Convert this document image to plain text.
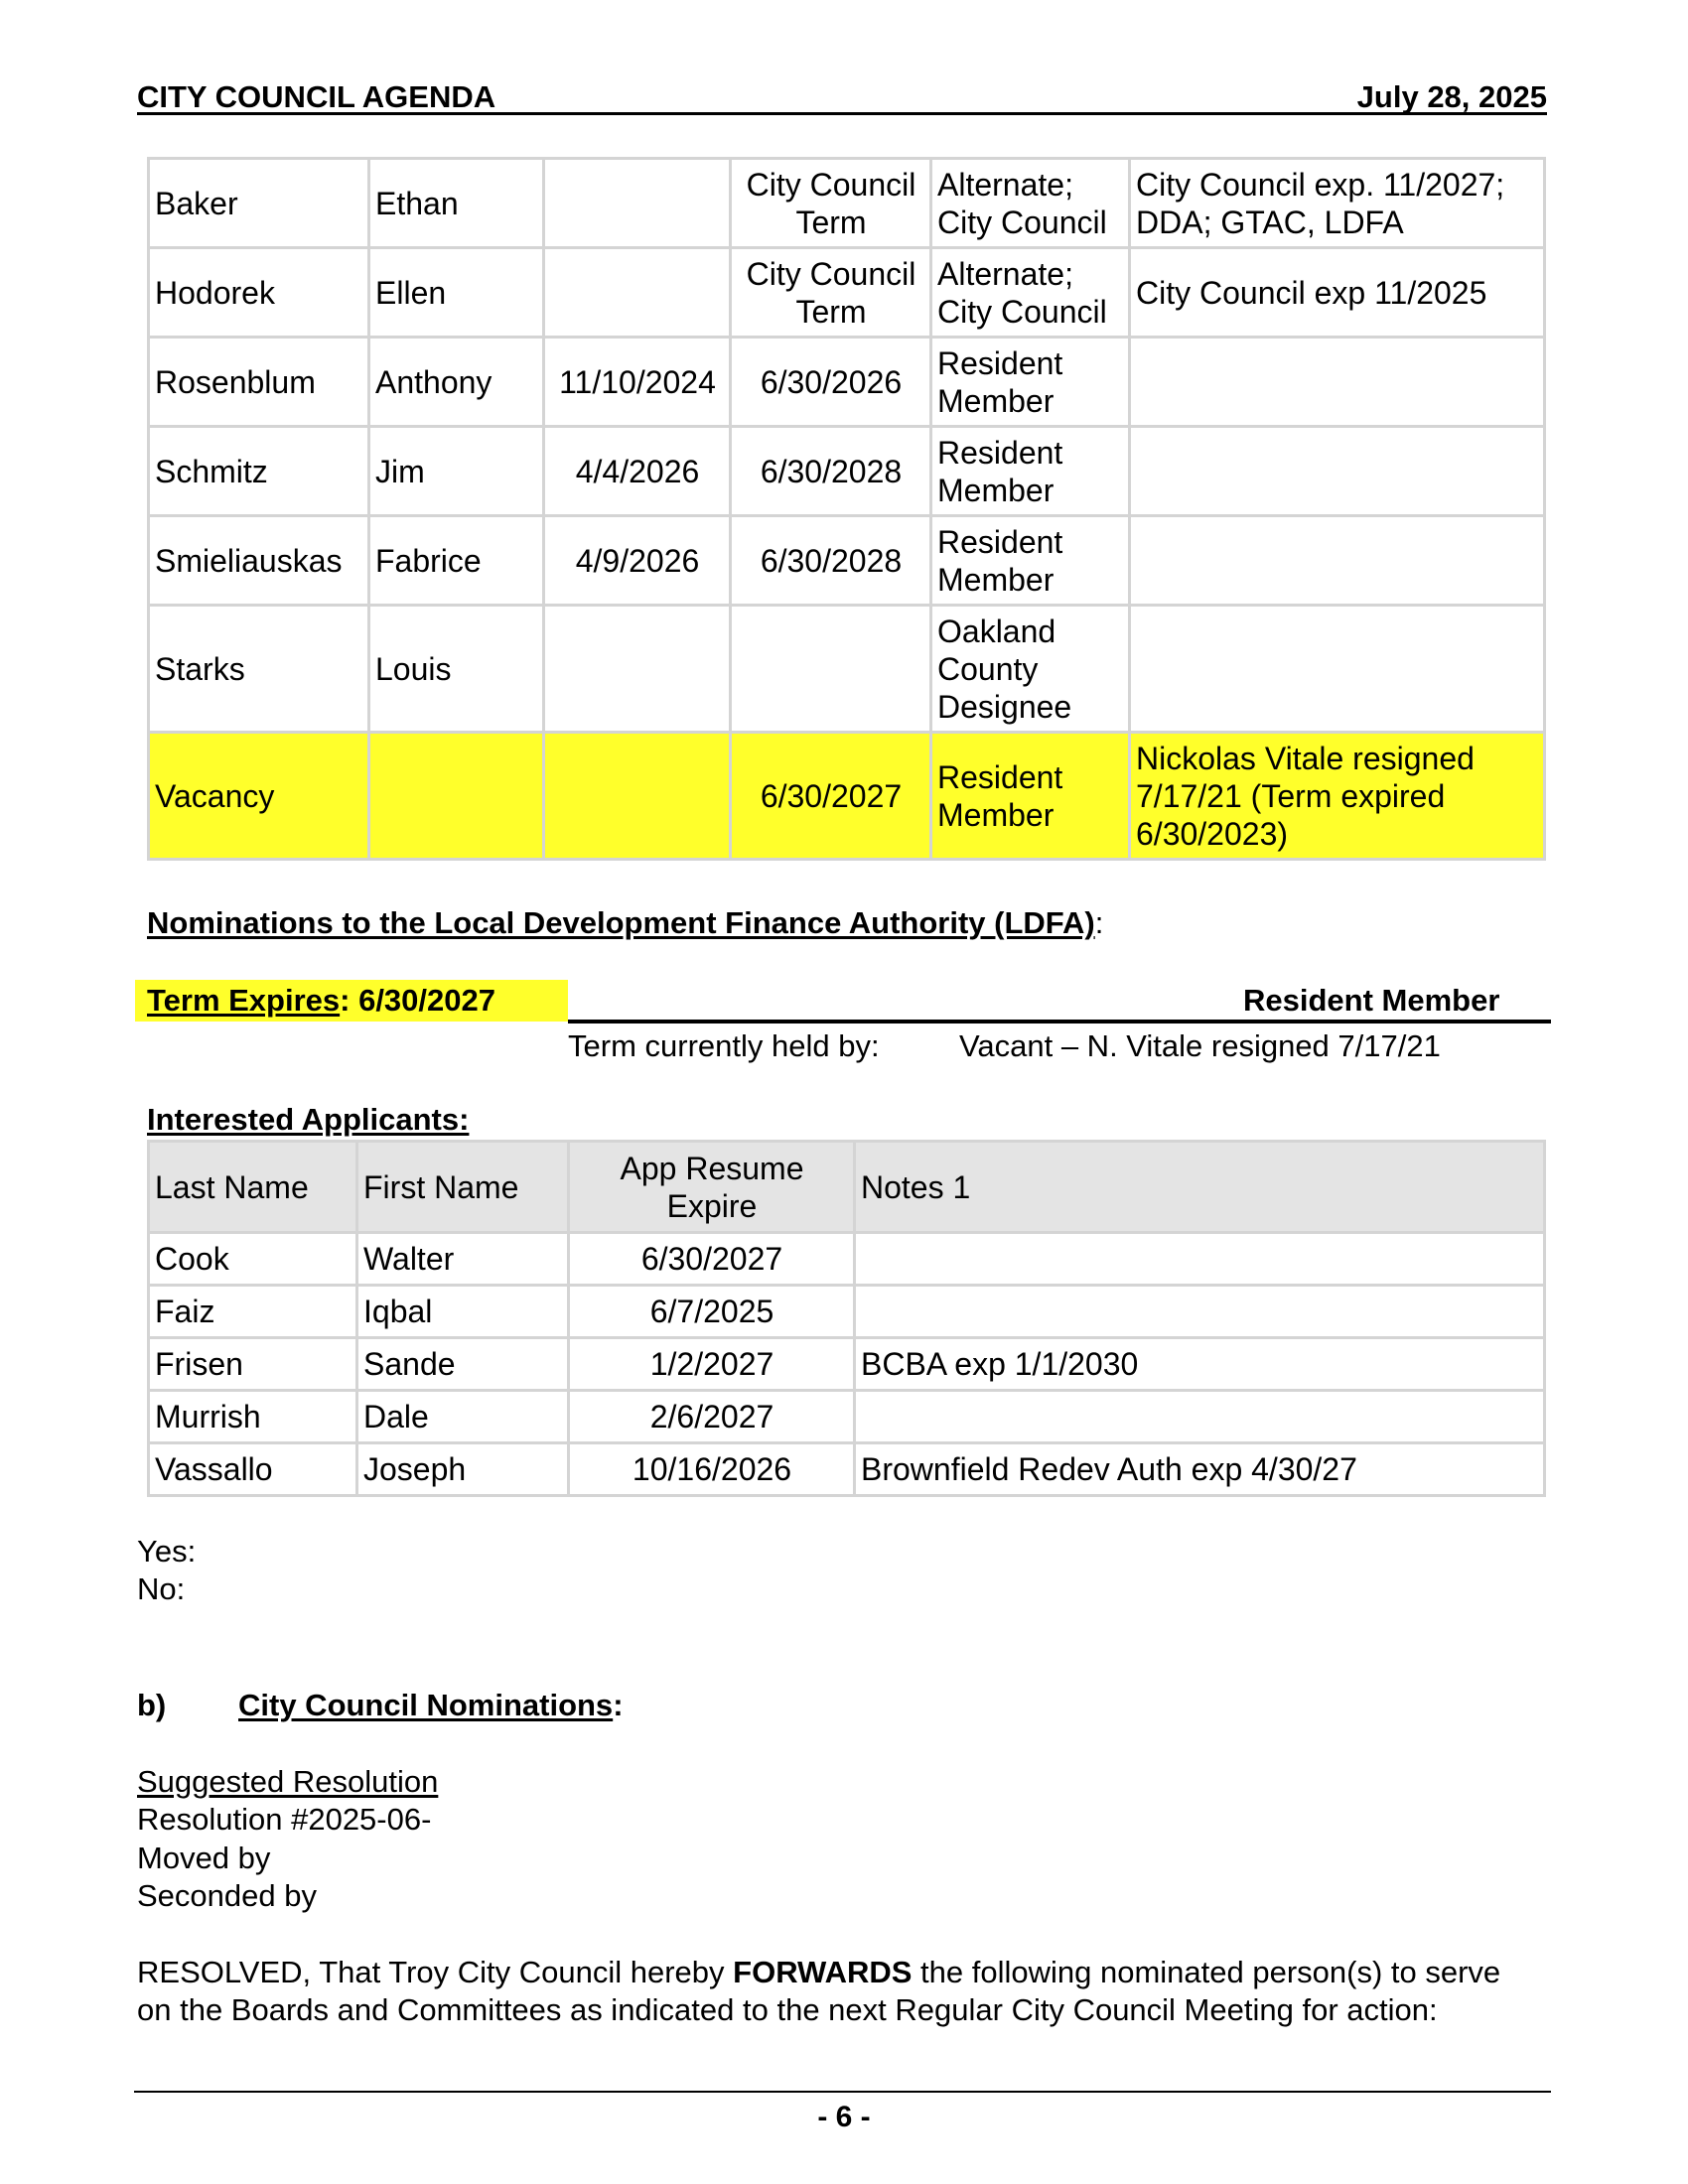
CITY COUNCIL AGENDA	July 28, 2025
Baker	Ethan		City Council Term	Alternate; City Council	City Council exp. 11/2027; DDA; GTAC, LDFA
Hodorek	Ellen		City Council Term	Alternate; City Council	City Council exp 11/2025
Rosenblum	Anthony	11/10/2024	6/30/2026	Resident Member	
Schmitz	Jim	4/4/2026	6/30/2028	Resident Member	
Smieliauskas	Fabrice	4/9/2026	6/30/2028	Resident Member	
Starks	Louis			Oakland County Designee	
Vacancy			6/30/2027	Resident Member	Nickolas Vitale resigned 7/17/21 (Term expired 6/30/2023)
Nominations to the Local Development Finance Authority (LDFA):
Term Expires: 6/30/2027	Resident Member
Term currently held by:	Vacant – N. Vitale resigned 7/17/21
Interested Applicants:
Last Name	First Name	App Resume Expire	Notes 1
Cook	Walter	6/30/2027	
Faiz	Iqbal	6/7/2025	
Frisen	Sande	1/2/2027	BCBA exp 1/1/2030
Murrish	Dale	2/6/2027	
Vassallo	Joseph	10/16/2026	Brownfield Redev Auth exp 4/30/27
Yes:
No:
b) City Council Nominations:
Suggested Resolution
Resolution #2025-06-
Moved by
Seconded by
RESOLVED, That Troy City Council hereby FORWARDS the following nominated person(s) to serve on the Boards and Committees as indicated to the next Regular City Council Meeting for action:
- 6 -
